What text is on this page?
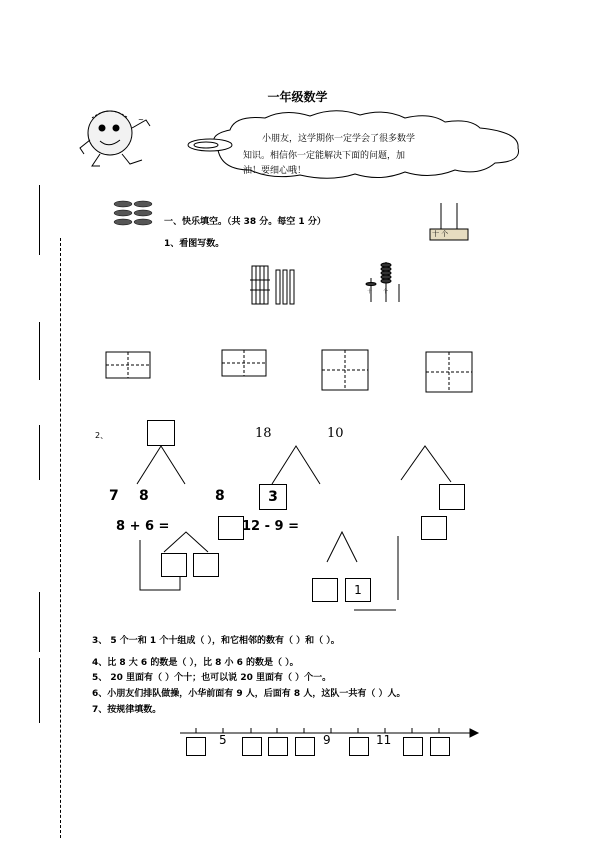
一年级数学
~
小朋友，这学期你一定学会了很多数学
知识。相信你一定能解决下面的问题，加
油！要细心哦！
一、快乐填空。（共 38 分。每空 1 分）
1、看图写数。
十 个
十 个
2、	18	10
7 8	8	3
8 + 6 =	12 - 9 =
1
3、 5 个一和 1 个十组成（ ），和它相邻的数有（ ）和（ ）。
4、比 8 大 6 的数是（ ），比 8 小 6 的数是（ ）。
5、 20 里面有（ ）个十；也可以说 20 里面有（ ）个一。
6、小朋友们排队做操，小华前面有 9 人，后面有 8 人，这队一共有（ ）人。
7、按规律填数。
5	9	11
